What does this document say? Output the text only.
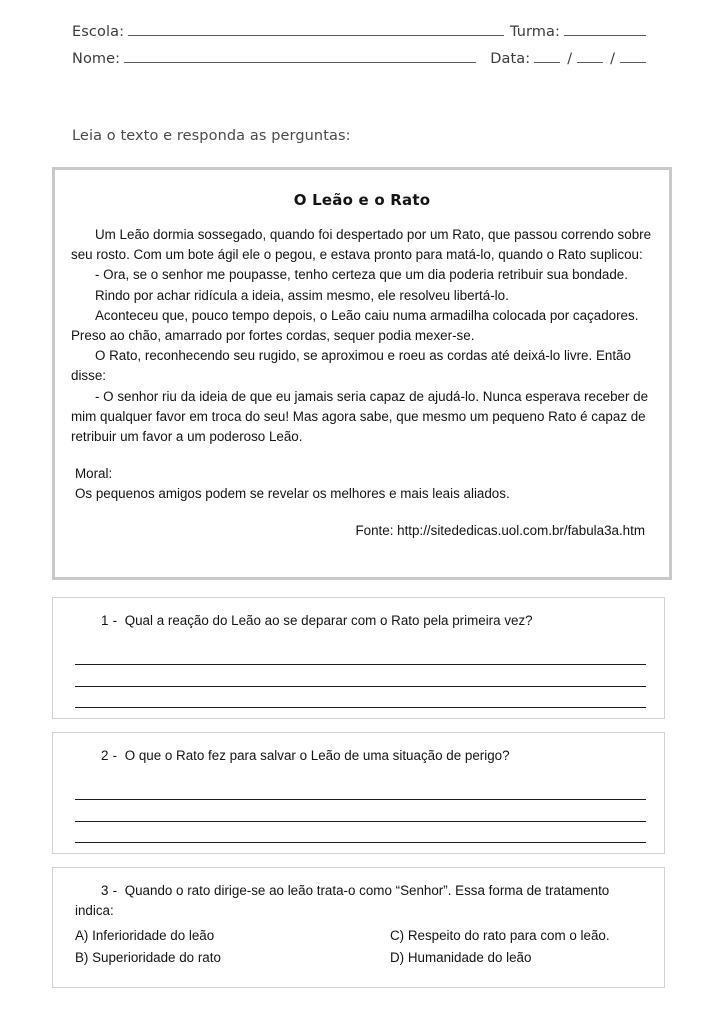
Escola:	Turma:
Nome:	Data:	/	/
Leia o texto e responda as perguntas:
O Leão e o Rato

Um Leão dormia sossegado, quando foi despertado por um Rato, que passou correndo sobre seu rosto. Com um bote ágil ele o pegou, e estava pronto para matá-lo, quando o Rato suplicou:

- Ora, se o senhor me poupasse, tenho certeza que um dia poderia retribuir sua bondade.

Rindo por achar ridícula a ideia, assim mesmo, ele resolveu libertá-lo.

Aconteceu que, pouco tempo depois, o Leão caiu numa armadilha colocada por caçadores. Preso ao chão, amarrado por fortes cordas, sequer podia mexer-se.

O Rato, reconhecendo seu rugido, se aproximou e roeu as cordas até deixá-lo livre. Então disse:

- O senhor riu da ideia de que eu jamais seria capaz de ajudá-lo. Nunca esperava receber de mim qualquer favor em troca do seu! Mas agora sabe, que mesmo um pequeno Rato é capaz de retribuir um favor a um poderoso Leão.

Moral:
Os pequenos amigos podem se revelar os melhores e mais leais aliados.
Fonte: http://sitededicas.uol.com.br/fabula3a.htm
1 - Qual a reação do Leão ao se deparar com o Rato pela primeira vez?
2 - O que o Rato fez para salvar o Leão de uma situação de perigo?
3 - Quando o rato dirige-se ao leão trata-o como “Senhor”. Essa forma de tratamento indica:
A) Inferioridade do leão	C) Respeito do rato para com o leão.
B) Superioridade do rato	D) Humanidade do leão
